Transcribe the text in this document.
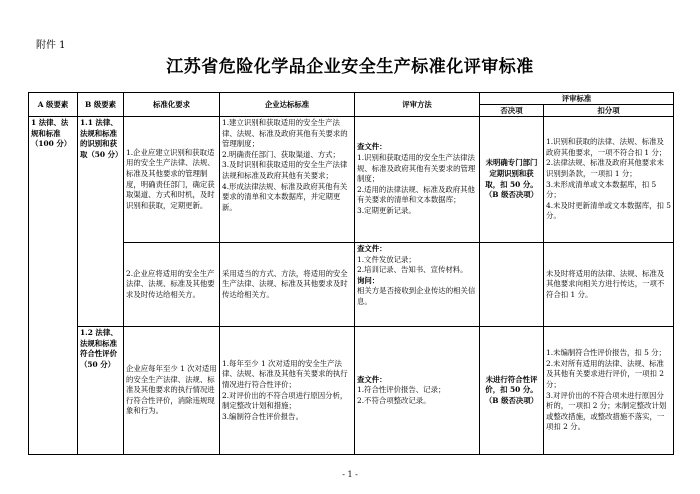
附件 1
江苏省危险化学品企业安全生产标准化评审标准
A 级要素	B 级要素	标准化要求	企业达标标准	评审方法	评审标准	
					否决项	扣分项
1 法律、法规和标准（100 分）	1.1 法律、法规和标准的识别和获取（50 分）	1.企业应建立识别和获取适用的安全生产法律、法规、标准及其他要求的管理制度，明确责任部门，确定获取渠道、方式和时机，及时识别和获取，定期更新。	1.建立识别和获取适用的安全生产法律、法规、标准及政府其他有关要求的管理制度；
2.明确责任部门、获取渠道、方式；
3.及时识别和获取适用的安全生产法律法规和标准及政府其他有关要求；
4.形成法律法规、标准及政府其他有关要求的清单和文本数据库，并定期更新。	查文件：
1.识别和获取适用的安全生产法律法规、标准及政府其他有关要求的管理制度；
2.适用的法律法规、标准及政府其他有关要求的清单和文本数据库；
3.定期更新记录。	未明确专门部门定期识别和获取，扣 50 分。（B 级否决项）	1.识别和获取的法律、法规、标准及政府其他要求，一项不符合扣 1 分；
2.法律法规、标准及政府其他要求未识别到条款，一项扣 1 分；
3.未形成清单或文本数据库，扣 5 分；
4.未及时更新清单或文本数据库，扣 5 分。

		2.企业应将适用的安全生产法律、法规、标准及其他要求及时传达给相关方。	采用适当的方式、方法，将适用的安全生产法律、法规、标准及其他要求及时传达给相关方。	查文件：
1.文件发放记录；
2.培训记录、告知书、宣传材料。
询问：
相关方是否接收到企业传达的相关信息。		未及时将适用的法律、法规、标准及其他要求向相关方进行传达，一项不符合扣 1 分。
	1.2 法律、法规和标准符合性评价（50 分）	企业应每年至少 1 次对适用的安全生产法律、法规、标准及其他要求的执行情况进行符合性评价，消除违规现象和行为。	1.每年至少 1 次对适用的安全生产法律、法规、标准及其他有关要求的执行情况进行符合性评价；
2.对评价出的不符合项进行原因分析，制定整改计划和措施；
3.编制符合性评价报告。	查文件：
1.符合性评价报告、记录；
2.不符合项整改记录。	未进行符合性评价，扣 50 分。（B 级否决项）	1.未编制符合性评价报告，扣 5 分；
2.未对所有适用的法律、法规、标准及其他有关要求进行评价，一项扣 2 分；
3.对评价出的不符合项未进行原因分析的，一项扣 2 分；未制定整改计划或整改措施，或整改措施不落实，一项扣 2 分。
- 1 -
